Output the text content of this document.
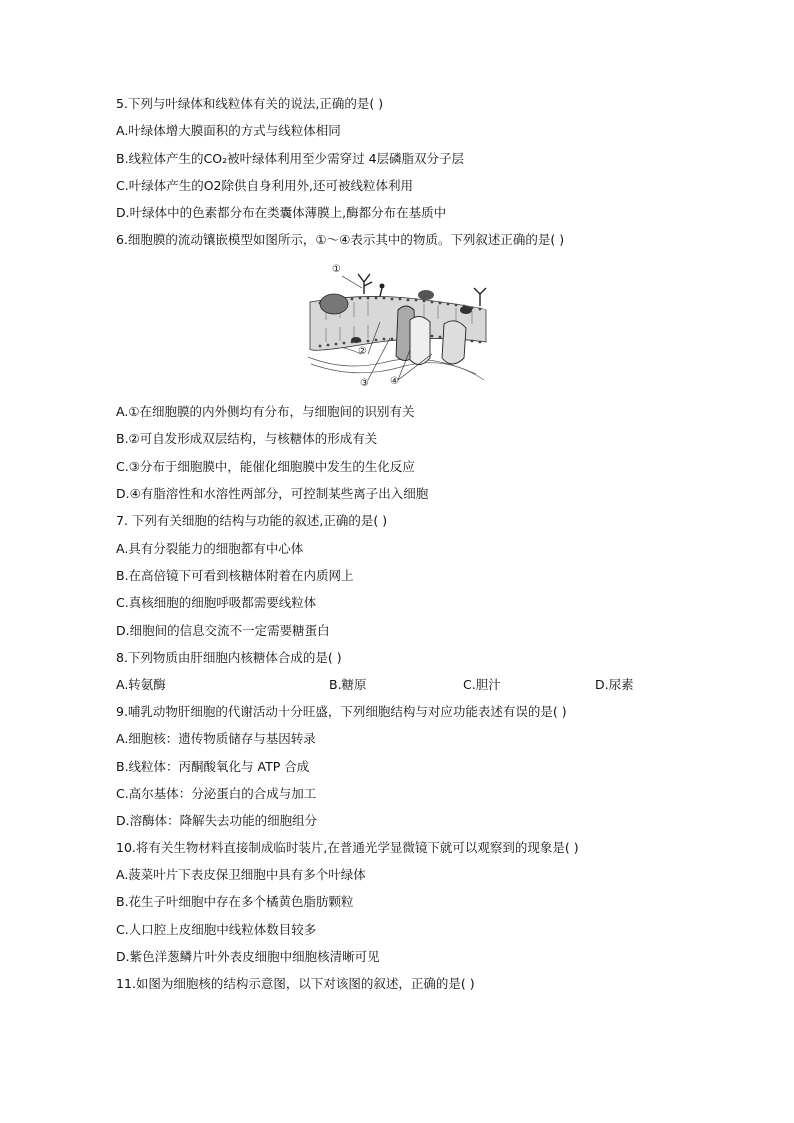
5.下列与叶绿体和线粒体有关的说法,正确的是( )
A.叶绿体增大膜面积的方式与线粒体相同
B.线粒体产生的CO₂被叶绿体利用至少需穿过 4层磷脂双分子层
C.叶绿体产生的O2除供自身利用外,还可被线粒体利用
D.叶绿体中的色素都分布在类囊体薄膜上,酶都分布在基质中
6.细胞膜的流动镶嵌模型如图所示，①～④表示其中的物质。下列叙述正确的是( )
①
②
③ ④
A.①在细胞膜的内外侧均有分布，与细胞间的识别有关
B.②可自发形成双层结构，与核糖体的形成有关
C.③分布于细胞膜中，能催化细胞膜中发生的生化反应
D.④有脂溶性和水溶性两部分，可控制某些离子出入细胞
7. 下列有关细胞的结构与功能的叙述,正确的是( )
A.具有分裂能力的细胞都有中心体
B.在高倍镜下可看到核糖体附着在内质网上
C.真核细胞的细胞呼吸都需要线粒体
D.细胞间的信息交流不一定需要糖蛋白
8.下列物质由肝细胞内核糖体合成的是( )
A.转氨酶	B.糖原	C.胆汁	D.尿素
9.哺乳动物肝细胞的代谢活动十分旺盛，下列细胞结构与对应功能表述有误的是( )
A.细胞核：遗传物质储存与基因转录
B.线粒体：丙酮酸氧化与 ATP 合成
C.高尔基体：分泌蛋白的合成与加工
D.溶酶体：降解失去功能的细胞组分
10.将有关生物材料直接制成临时装片,在普通光学显微镜下就可以观察到的现象是( )
A.菠菜叶片下表皮保卫细胞中具有多个叶绿体
B.花生子叶细胞中存在多个橘黄色脂肪颗粒
C.人口腔上皮细胞中线粒体数目较多
D.紫色洋葱鳞片叶外表皮细胞中细胞核清晰可见
11.如图为细胞核的结构示意图，以下对该图的叙述，正确的是( )
